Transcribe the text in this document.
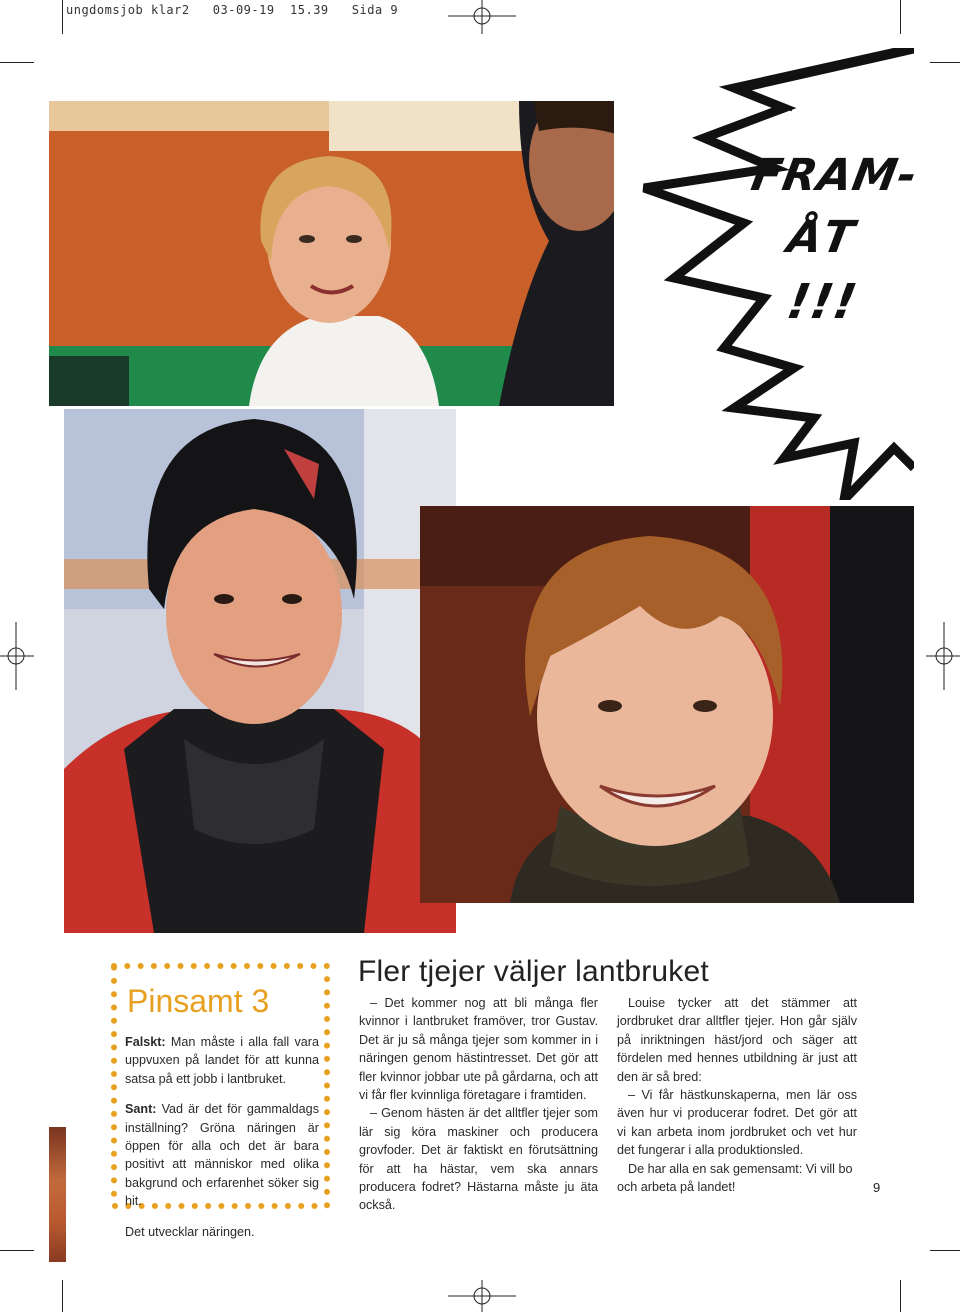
ungdomsjob klar2   03-09-19  15.39   Sida 9
FRAM-
ÅT
!!!
Pinsamt 3

Falskt: Man måste i alla fall vara uppvuxen på landet för att kunna satsa på ett jobb i lantbruket.

Sant: Vad är det för gammaldags inställning? Gröna näringen är öppen för alla och det är bara positivt att människor med olika bakgrund och erfarenhet söker sig hit.

Det utvecklar näringen.

Fler tjejer väljer lantbruket

– Det kommer nog att bli många fler kvinnor i lantbruket framöver, tror Gustav. Det är ju så många tjejer som kommer in i näringen genom hästintresset. Det gör att fler kvinnor jobbar ute på gårdarna, och att vi får fler kvinnliga företagare i framtiden.

– Genom hästen är det alltfler tjejer som lär sig köra maskiner och producera grovfoder. Det är faktiskt en förutsättning för att ha hästar, vem ska annars producera fodret? Hästarna måste ju äta också.

Louise tycker att det stämmer att jordbruket drar alltfler tjejer. Hon går själv på inriktningen häst/jord och säger att fördelen med hennes utbildning är just att den är så bred:

– Vi får hästkunskaperna, men lär oss även hur vi producerar fodret. Det gör att vi kan arbeta inom jordbruket och vet hur det fungerar i alla produktionsled.

De har alla en sak gemensamt: Vi vill bo och arbeta på landet!	9
